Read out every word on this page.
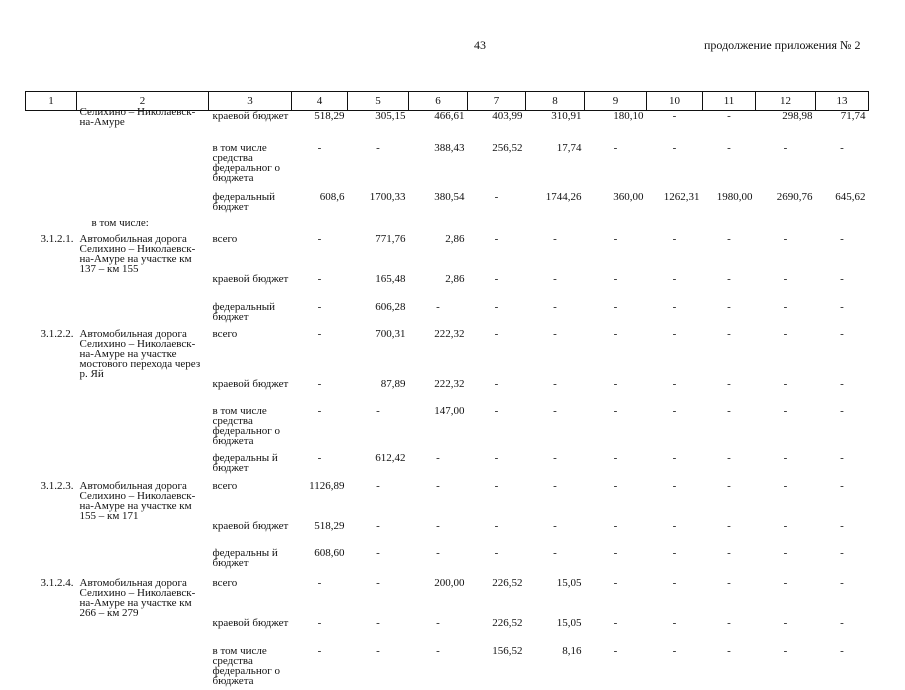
43	продолжение приложения № 2
1	2	3	4	5	6	7	8	9	10	11	12	13
	Селихино – Николаевск-на-Амуре	краевой бюджет	518,29	305,15	466,61	403,99	310,91	180,10	-	-	298,98	71,74
		в том числе средства федеральног о бюджета	-	-	388,43	256,52	17,74	-	-	-	-	-
		федеральный бюджет	608,6	1700,33	380,54	-	1744,26	360,00	1262,31	1980,00	2690,76	645,62
в том числе:												
3.1.2.1.	Автомобильная дорога Селихино – Николаевск-на-Амуре на участке км 137 – км 155	всего	-	771,76	2,86	-	-	-	-	-	-	-
		краевой бюджет	-	165,48	2,86	-	-	-	-	-	-	-
		федеральный бюджет	-	606,28	-	-	-	-	-	-	-	-
3.1.2.2.	Автомобильная дорога Селихино – Николаевск-на-Амуре на участке мостового перехода через р. Яй	всего	-	700,31	222,32	-	-	-	-	-	-	-
		краевой бюджет	-	87,89	222,32	-	-	-	-	-	-	-
		в том числе средства федеральног о бюджета	-	-	147,00	-	-	-	-	-	-	-
		федеральны й бюджет	-	612,42	-	-	-	-	-	-	-	-
3.1.2.3.	Автомобильная дорога Селихино – Николаевск-на-Амуре на участке км 155 – км 171	всего	1126,89	-	-	-	-	-	-	-	-	-
		краевой бюджет	518,29	-	-	-	-	-	-	-	-	-
		федеральны й бюджет	608,60	-	-	-	-	-	-	-	-	-
3.1.2.4.	Автомобильная дорога Селихино – Николаевск-на-Амуре на участке км 266 – км 279	всего	-	-	200,00	226,52	15,05	-	-	-	-	-
		краевой бюджет	-	-	-	226,52	15,05	-	-	-	-	-
		в том числе средства федеральног о бюджета	-	-	-	156,52	8,16	-	-	-	-	-
